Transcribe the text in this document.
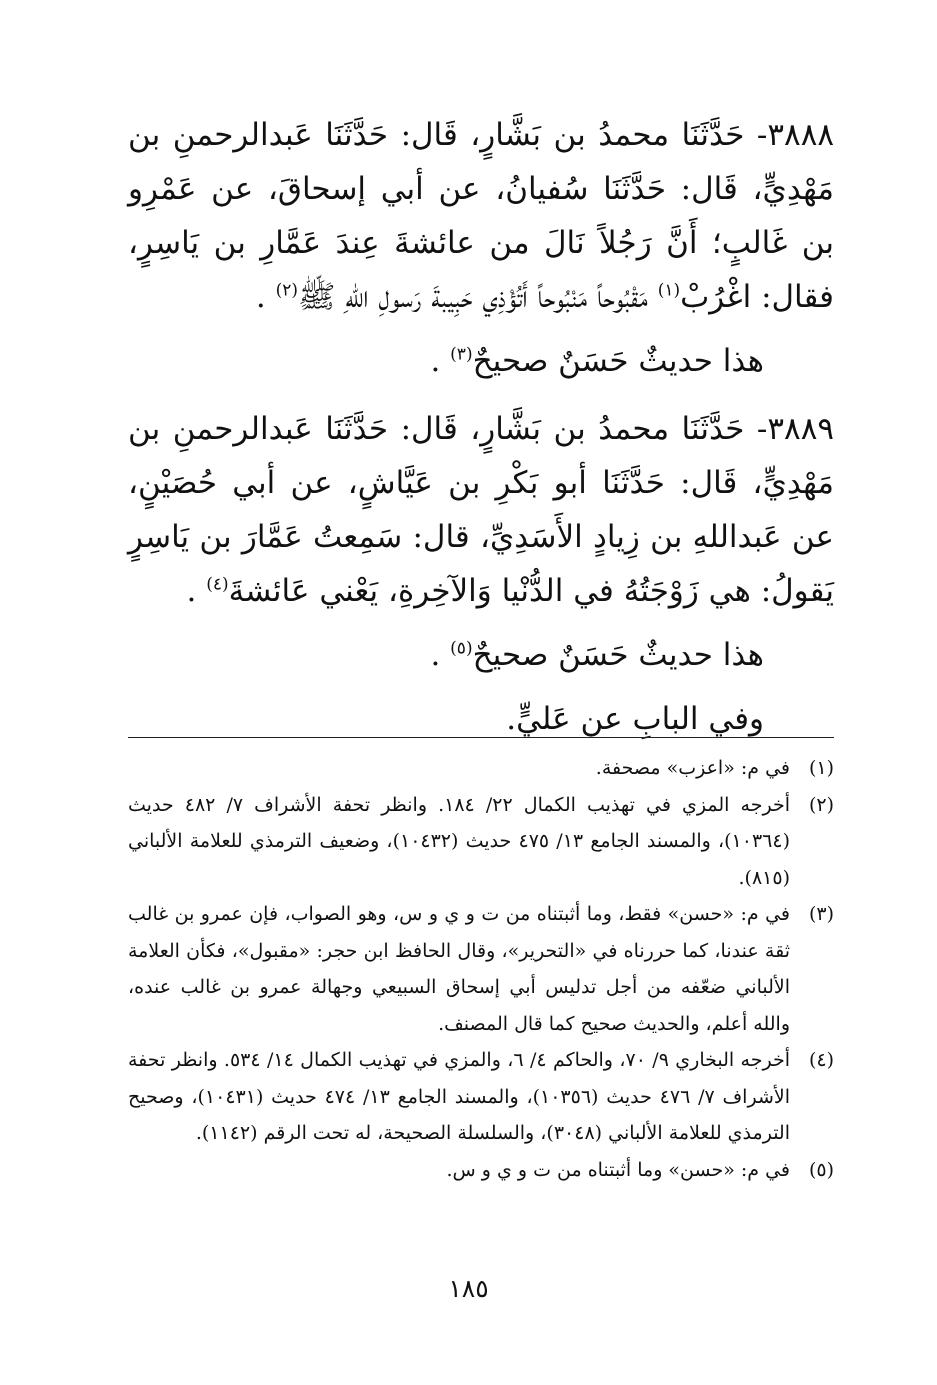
٣٨٨٨- حَدَّثَنَا محمدُ بن بَشَّارٍ، قَال: حَدَّثَنَا عَبدالرحمنِ بن مَهْدِيٍّ، قَال: حَدَّثَنَا سُفيانُ، عن أبي إسحاقَ، عن عَمْرِو بن غَالبٍ؛ أَنَّ رَجُلاً نَالَ من عائشةَ عِندَ عَمَّارِ بن يَاسِرٍ، فقال: اغْرُبْ$^{(١)}$ مَقْبُوحاً مَنْبُوحاً أَتُؤْذِي حَبِيبةَ رَسولِ اللهِ ﷺ$^{(٢)}$ .

هذا حديثٌ حَسَنٌ صحيحٌ$^{(٣)}$ .

٣٨٨٩- حَدَّثَنَا محمدُ بن بَشَّارٍ، قَال: حَدَّثَنَا عَبدالرحمنِ بن مَهْدِيٍّ، قَال: حَدَّثَنَا أبو بَكْرِ بن عَيَّاشٍ، عن أبي حُصَيْنٍ، عن عَبداللهِ بن زِيادٍ الأَسَدِيِّ، قال: سَمِعتُ عَمَّارَ بن يَاسِرٍ يَقولُ: هي زَوْجَتُهُ في الدُّنْيا وَالآخِرةِ، يَعْني عَائشةَ$^{(٤)}$ .

هذا حديثٌ حَسَنٌ صحيحٌ$^{(٥)}$ .

وفي البابِ عن عَليٍّ.

(١)
في م: «اعزب» مصحفة.
(٢)
أخرجه المزي في تهذيب الكمال ٢٢/ ١٨٤. وانظر تحفة الأشراف ٧/ ٤٨٢ حديث (١٠٣٦٤)، والمسند الجامع ١٣/ ٤٧٥ حديث (١٠٤٣٢)، وضعيف الترمذي للعلامة الألباني (٨١٥).
(٣)
في م: «حسن» فقط، وما أثبتناه من ت و ي و س، وهو الصواب، فإن عمرو بن غالب ثقة عندنا، كما حررناه في «التحرير»، وقال الحافظ ابن حجر: «مقبول»، فكأن العلامة الألباني ضعّفه من أجل تدليس أبي إسحاق السبيعي وجهالة عمرو بن غالب عنده، والله أعلم، والحديث صحيح كما قال المصنف.
(٤)
أخرجه البخاري ٩/ ٧٠، والحاكم ٤/ ٦، والمزي في تهذيب الكمال ١٤/ ٥٣٤. وانظر تحفة الأشراف ٧/ ٤٧٦ حديث (١٠٣٥٦)، والمسند الجامع ١٣/ ٤٧٤ حديث (١٠٤٣١)، وصحيح الترمذي للعلامة الألباني (٣٠٤٨)، والسلسلة الصحيحة، له تحت الرقم (١١٤٢).
(٥)
في م: «حسن» وما أثبتناه من ت و ي و س.
١٨٥
